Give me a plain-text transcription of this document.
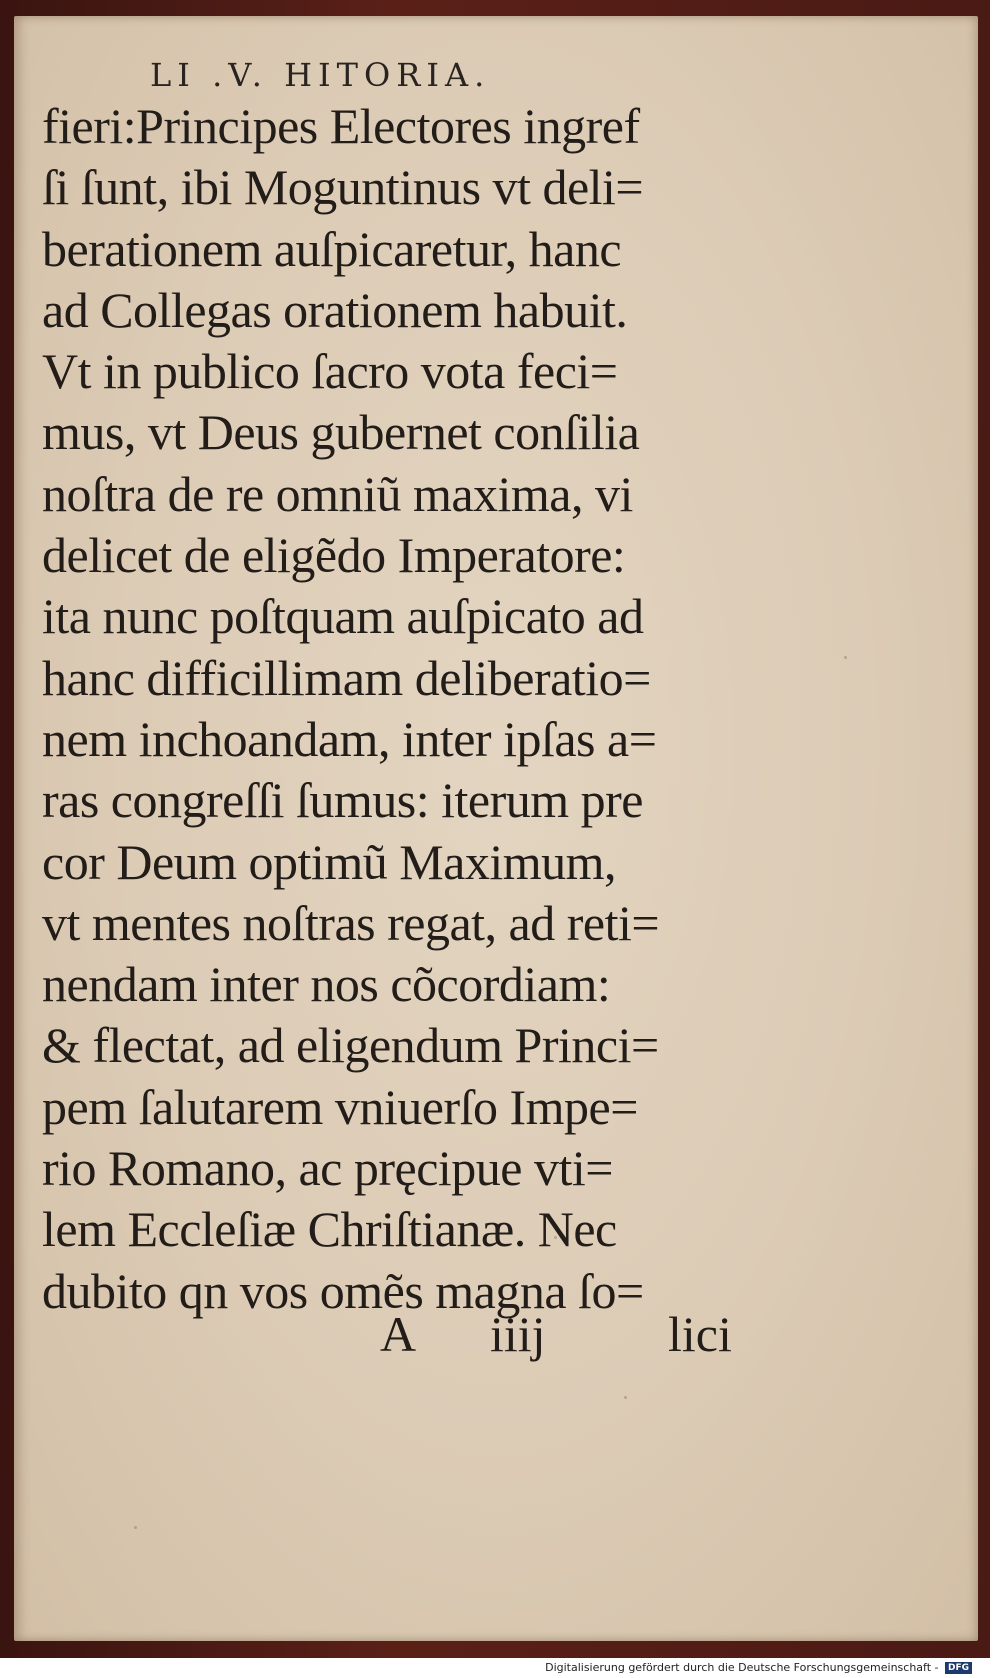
LI .V. HITORIA.
fieri:Principes Electores ingref
ſi ſunt, ibi Moguntinus vt deli=
berationem auſpicaretur, hanc
ad Collegas orationem habuit.
Vt in publico ſacro vota feci=
mus, vt Deus gubernet conſilia
noſtra de re omniũ maxima, vi
delicet de eligẽdo Imperatore:
ita nunc poſtquam auſpicato ad
hanc difficillimam deliberatio=
nem inchoandam, inter ipſas a=
ras congreſſi ſumus: iterum pre
cor Deum optimũ Maximum,
vt mentes noſtras regat, ad reti=
nendam inter nos cõcordiam:
& flectat, ad eligendum Princi=
pem ſalutarem vniuerſo Impe=
rio Romano, ac pręcipue vti=
lem Eccleſiæ Chriſtianæ. Nec
dubito qn vos omẽs magna ſo=
A iiij lici
Digitalisierung gefördert durch die Deutsche Forschungsgemeinschaft - DFG
